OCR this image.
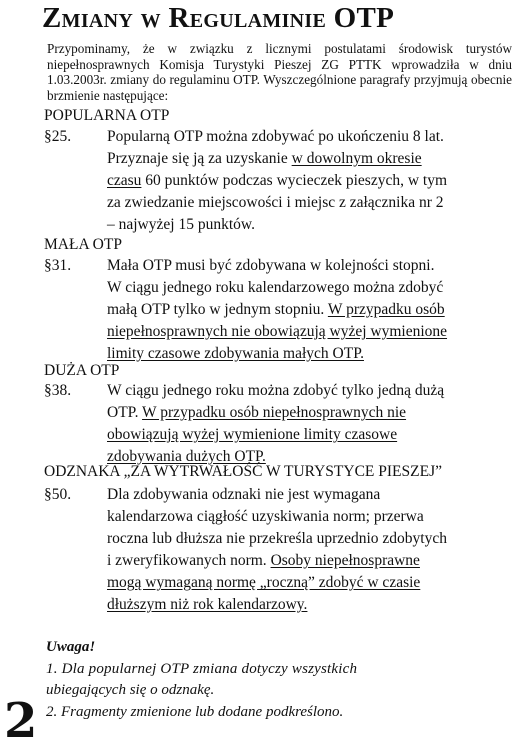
Zmiany w Regulaminie OTP
Przypominamy, że w związku z licznymi postulatami środowisk turystów niepełnosprawnych Komisja Turystyki Pieszej ZG PTTK wprowadziła w dniu 1.03.2003r. zmiany do regulaminu OTP. Wyszczególnione paragrafy przyjmują obecnie brzmienie następujące:
POPULARNA OTP
§25. Popularną OTP można zdobywać po ukończeniu 8 lat.
Przyznaje się ją za uzyskanie w dowolnym okresie
czasu 60 punktów podczas wycieczek pieszych, w tym
za zwiedzanie miejscowości i miejsc z załącznika nr 2
– najwyżej 15 punktów.
MAŁA OTP
§31. Mała OTP musi być zdobywana w kolejności stopni.
W ciągu jednego roku kalendarzowego można zdobyć
małą OTP tylko w jednym stopniu. W przypadku osób
niepełnosprawnych nie obowiązują wyżej wymienione
limity czasowe zdobywania małych OTP.
DUŻA OTP
§38. W ciągu jednego roku można zdobyć tylko jedną dużą
OTP. W przypadku osób niepełnosprawnych nie
obowiązują wyżej wymienione limity czasowe
zdobywania dużych OTP.
ODZNAKA „ZA WYTRWAŁOŚĆ W TURYSTYCE PIESZEJ”
§50. Dla zdobywania odznaki nie jest wymagana
kalendarzowa ciągłość uzyskiwania norm; przerwa
roczna lub dłuższa nie przekreśla uprzednio zdobytych
i zweryfikowanych norm. Osoby niepełnosprawne
mogą wymaganą normę „roczną” zdobyć w czasie
dłuższym niż rok kalendarzowy.
Uwaga!
1. Dla popularnej OTP zmiana dotyczy wszystkich
ubiegających się o odznakę.
2. Fragmenty zmienione lub dodane podkreślono.
2
